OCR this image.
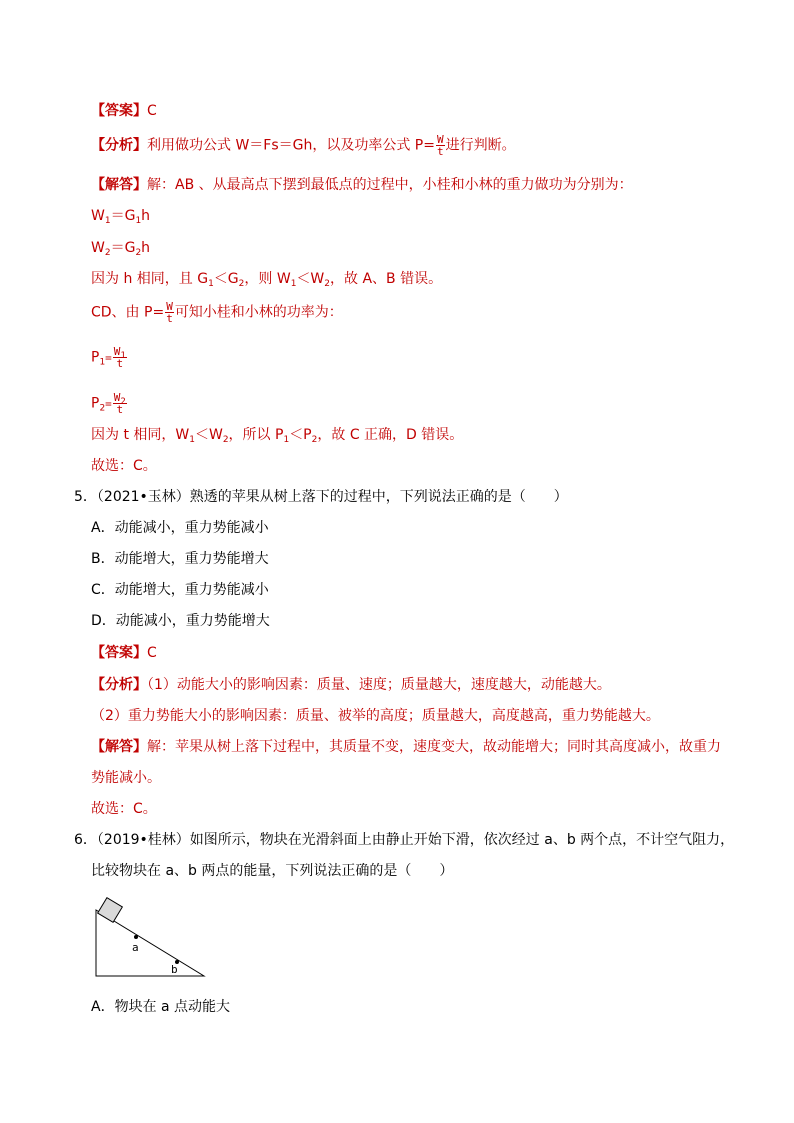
【答案】C
【分析】利用做功公式 W＝Fs＝Gh，以及功率公式 $P= \frac{W}{t}$ 进行判断。
【解答】解：AB 、从最高点下摆到最低点的过程中，小桂和小林的重力做功为分别为：
$W_1=G_1h$
$W_2=G_2h$
因为 h 相同，且 $G_1<G_2$，则 $W_1<W_2$，故 A、B 错误。
CD、由 $P= \frac{W}{t}$ 可知小桂和小林的功率为：
$P_1= \frac{W_1}{t}$
$P_2= \frac{W_2}{t}$
因为 t 相同，$W_1<W_2$，所以 $P_1<P_2$，故 C 正确，D 错误。
故选：C。
5．（2021•玉林）熟透的苹果从树上落下的过程中，下列说法正确的是（　　）
A．动能减小，重力势能减小
B．动能增大，重力势能增大
C．动能增大，重力势能减小
D．动能减小，重力势能增大
【答案】C
【分析】（1）动能大小的影响因素：质量、速度；质量越大，速度越大，动能越大。
（2）重力势能大小的影响因素：质量、被举的高度；质量越大，高度越高，重力势能越大。
【解答】解：苹果从树上落下过程中，其质量不变，速度变大，故动能增大；同时其高度减小，故重力
势能减小。
故选：C。
6．（2019•桂林）如图所示，物块在光滑斜面上由静止开始下滑，依次经过 a、b 两个点，不计空气阻力，
比较物块在 a、b 两点的能量，下列说法正确的是（　　）
a
b
A．物块在 a 点动能大
